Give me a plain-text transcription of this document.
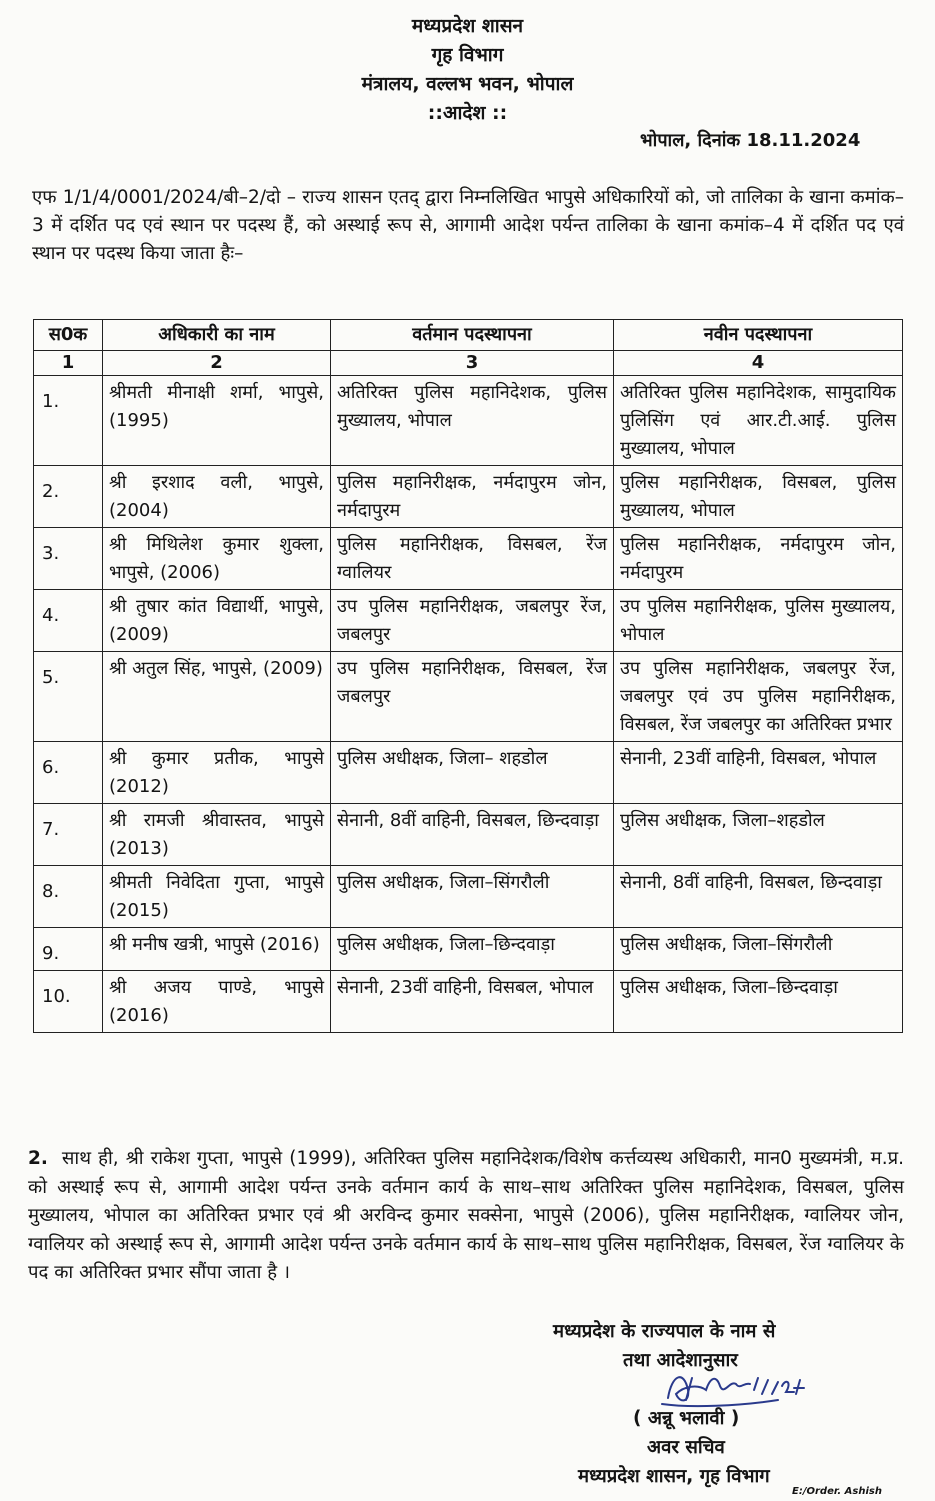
मध्यप्रदेश शासन
गृह विभाग
मंत्रालय, वल्लभ भवन, भोपाल
::आदेश ::
भोपाल, दिनांक 18.11.2024
एफ 1/1/4/0001/2024/बी–2/दो – राज्य शासन एतद् द्वारा निम्नलिखित भापुसे अधिकारियों को, जो तालिका के खाना कमांक–3 में दर्शित पद एवं स्थान पर पदस्थ हैं, को अस्थाई रूप से, आगामी आदेश पर्यन्त तालिका के खाना कमांक–4 में दर्शित पद एवं स्थान पर पदस्थ किया जाता हैः–
स0क	अधिकारी का नाम	वर्तमान पदस्थापना	नवीन पदस्थापना
1	2	3	4
1.	श्रीमती मीनाक्षी शर्मा, भापुसे, (1995)	अतिरिक्त पुलिस महानिदेशक, पुलिस मुख्यालय, भोपाल	अतिरिक्त पुलिस महानिदेशक, सामुदायिक पुलिसिंग एवं आर.टी.आई. पुलिस मुख्यालय, भोपाल
2.	श्री इरशाद वली, भापुसे, (2004)	पुलिस महानिरीक्षक, नर्मदापुरम जोन, नर्मदापुरम	पुलिस महानिरीक्षक, विसबल, पुलिस मुख्यालय, भोपाल
3.	श्री मिथिलेश कुमार शुक्ला, भापुसे, (2006)	पुलिस महानिरीक्षक, विसबल, रेंज ग्वालियर	पुलिस महानिरीक्षक, नर्मदापुरम जोन, नर्मदापुरम
4.	श्री तुषार कांत विद्यार्थी, भापुसे, (2009)	उप पुलिस महानिरीक्षक, जबलपुर रेंज, जबलपुर	उप पुलिस महानिरीक्षक, पुलिस मुख्यालय, भोपाल
5.	श्री अतुल सिंह, भापुसे, (2009)	उप पुलिस महानिरीक्षक, विसबल, रेंज जबलपुर	उप पुलिस महानिरीक्षक, जबलपुर रेंज, जबलपुर एवं उप पुलिस महानिरीक्षक, विसबल, रेंज जबलपुर का अतिरिक्त प्रभार
6.	श्री कुमार प्रतीक, भापुसे (2012)	पुलिस अधीक्षक, जिला– शहडोल	सेनानी, 23वीं वाहिनी, विसबल, भोपाल
7.	श्री रामजी श्रीवास्तव, भापुसे (2013)	सेनानी, 8वीं वाहिनी, विसबल, छिन्दवाड़ा	पुलिस अधीक्षक, जिला–शहडोल
8.	श्रीमती निवेदिता गुप्ता, भापुसे (2015)	पुलिस अधीक्षक, जिला–सिंगरौली	सेनानी, 8वीं वाहिनी, विसबल, छिन्दवाड़ा
9.	श्री मनीष खत्री, भापुसे (2016)	पुलिस अधीक्षक, जिला–छिन्दवाड़ा	पुलिस अधीक्षक, जिला–सिंगरौली
10.	श्री अजय पाण्डे, भापुसे (2016)	सेनानी, 23वीं वाहिनी, विसबल, भोपाल	पुलिस अधीक्षक, जिला–छिन्दवाड़ा
2. साथ ही, श्री राकेश गुप्ता, भापुसे (1999), अतिरिक्त पुलिस महानिदेशक/विशेष कर्त्तव्यस्थ अधिकारी, मान0 मुख्यमंत्री, म.प्र. को अस्थाई रूप से, आगामी आदेश पर्यन्त उनके वर्तमान कार्य के साथ–साथ अतिरिक्त पुलिस महानिदेशक, विसबल, पुलिस मुख्यालय, भोपाल का अतिरिक्त प्रभार एवं श्री अरविन्द कुमार सक्सेना, भापुसे (2006), पुलिस महानिरीक्षक, ग्वालियर जोन, ग्वालियर को अस्थाई रूप से, आगामी आदेश पर्यन्त उनके वर्तमान कार्य के साथ–साथ पुलिस महानिरीक्षक, विसबल, रेंज ग्वालियर के पद का अतिरिक्त प्रभार सौंपा जाता है ।
मध्यप्रदेश के राज्यपाल के नाम से
तथा आदेशानुसार
( अन्नू भलावी )
अवर सचिव
मध्यप्रदेश शासन, गृह विभाग
E:/Order. Ashish
